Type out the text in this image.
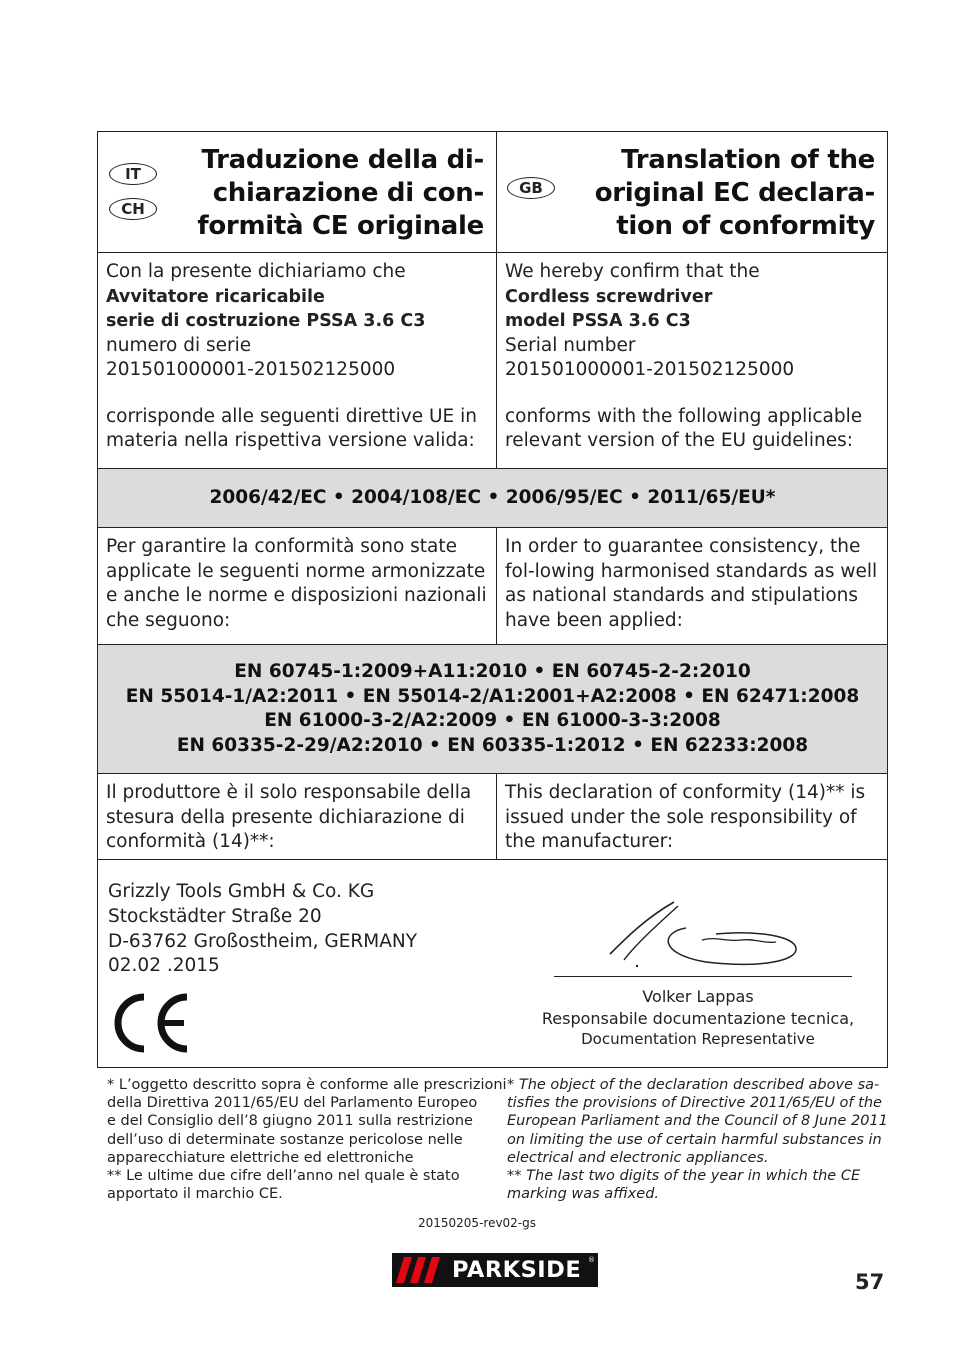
IT
CH
Traduzione della di-
chiarazione di con-
formità CE originale
GB
Translation of the
original EC declara-
tion of conformity

Con la presente dichiariamo che

Avvitatore ricaricabile

serie di costruzione PSSA 3.6 C3

numero di serie

201501000001-201502125000

corrisponde alle seguenti direttive UE in materia nella rispettiva versione valida:

We hereby confirm that the

Cordless screwdriver

model PSSA 3.6 C3

Serial number

201501000001-201502125000

conforms with the following applicable relevant version of the EU guidelines:

2006/42/EC • 2004/108/EC • 2006/95/EC • 2011/65/EU*
Per garantire la conformità sono state applicate le seguenti norme armonizzate e anche le norme e disposizioni nazionali che seguono:
In order to guarantee consistency, the fol-lowing harmonised standards as well as national standards and stipulations have been applied:
EN 60745-1:2009+A11:2010 • EN 60745-2-2:2010
EN 55014-1/A2:2011 • EN 55014-2/A1:2001+A2:2008 • EN 62471:2008
EN 61000-3-2/A2:2009 • EN 61000-3-3:2008
EN 60335-2-29/A2:2010 • EN 60335-1:2012 • EN 62233:2008
Il produttore è il solo responsabile della stesura della presente dichiarazione di conformità (14)**:
This declaration of conformity (14)** is issued under the sole responsibility of the manufacturer:
Grizzly Tools GmbH & Co. KG
Stockstädter Straße 20
D-63762 Großostheim, GERMANY
02.02 .2015
Volker Lappas
Responsabile documentazione tecnica,
Documentation Representative
* L’oggetto descritto sopra è conforme alle prescrizioni
della Direttiva 2011/65/EU del Parlamento Europeo
e del Consiglio dell’8 giugno 2011 sulla restrizione
dell’uso di determinate sostanze pericolose nelle
apparecchiature elettriche ed elettroniche
** Le ultime due cifre dell’anno nel quale è stato
apportato il marchio CE.
* The object of the declaration described above sa-
tisfies the provisions of Directive 2011/65/EU of the
European Parliament and the Council of 8 June 2011
on limiting the use of certain harmful substances in
electrical and electronic appliances.
** The last two digits of the year in which the CE
marking was affixed.
20150205-rev02-gs
PARKSIDE ®
57
